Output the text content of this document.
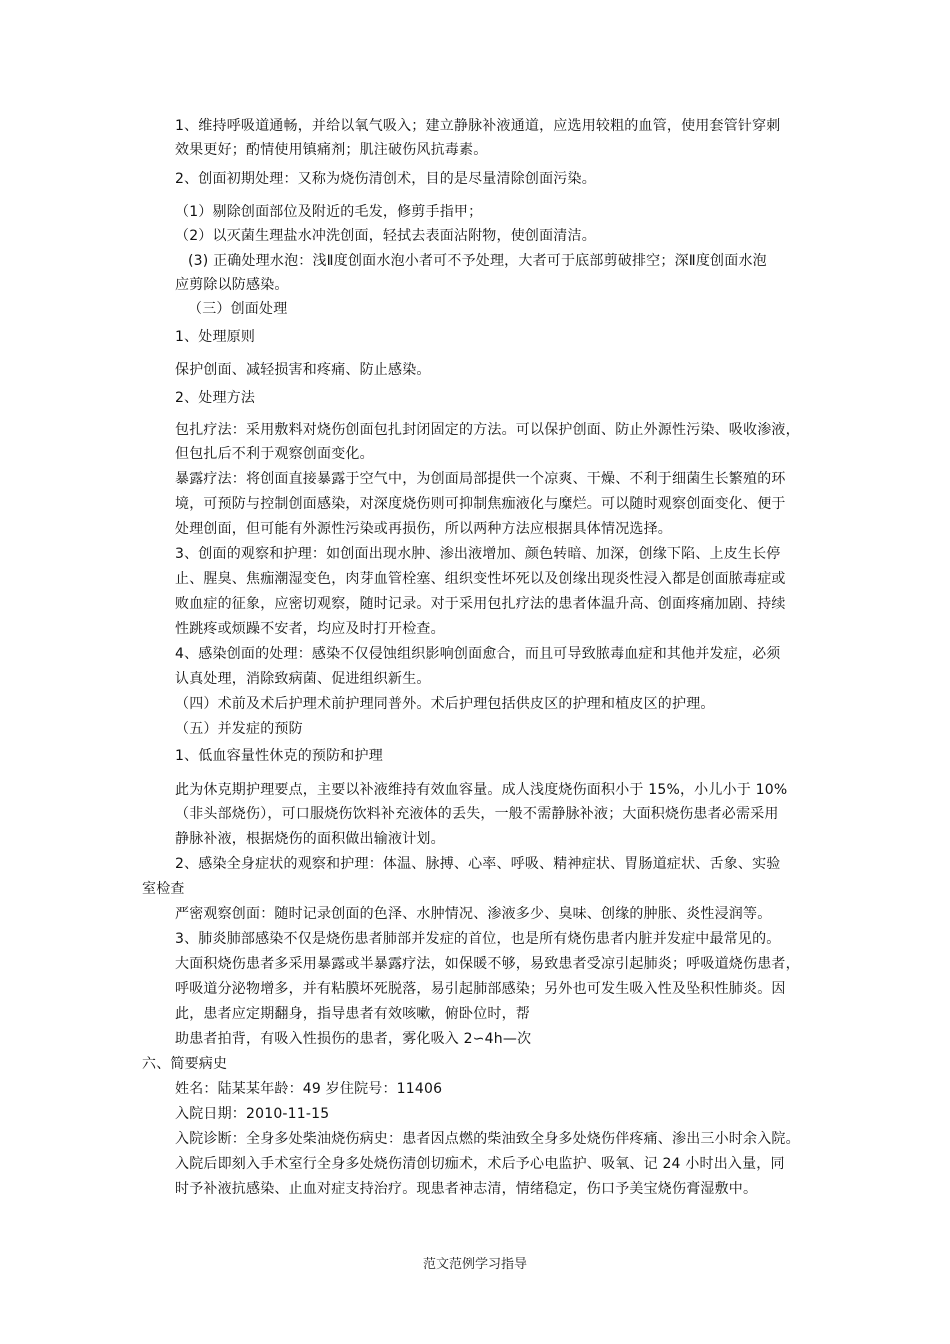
1、维持呼吸道通畅，并给以氧气吸入；建立静脉补液通道，应选用较粗的血管，使用套管针穿刺
效果更好；酌情使用镇痛剂；肌注破伤风抗毒素。
2、创面初期处理：又称为烧伤清创术，目的是尽量清除创面污染。
（1）剔除创面部位及附近的毛发，修剪手指甲；
（2）以灭菌生理盐水冲洗创面，轻拭去表面沾附物，使创面清洁。
(3) 正确处理水泡：浅Ⅱ度创面水泡小者可不予处理，大者可于底部剪破排空；深Ⅱ度创面水泡
应剪除以防感染。
（三）创面处理
1、处理原则
保护创面、减轻损害和疼痛、防止感染。
2、处理方法
包扎疗法：采用敷料对烧伤创面包扎封闭固定的方法。可以保护创面、防止外源性污染、吸收渗液，
但包扎后不利于观察创面变化。
暴露疗法：将创面直接暴露于空气中，为创面局部提供一个凉爽、干燥、不利于细菌生长繁殖的环
境，可预防与控制创面感染，对深度烧伤则可抑制焦痂液化与糜烂。可以随时观察创面变化、便于
处理创面，但可能有外源性污染或再损伤，所以两种方法应根据具体情况选择。
3、创面的观察和护理：如创面出现水肿、渗出液增加、颜色转暗、加深，创缘下陷、上皮生长停
止、腥臭、焦痂潮湿变色，肉芽血管栓塞、组织变性坏死以及创缘出现炎性浸入都是创面脓毒症或
败血症的征象，应密切观察，随时记录。对于采用包扎疗法的患者体温升高、创面疼痛加剧、持续
性跳疼或烦躁不安者，均应及时打开检查。
4、感染创面的处理：感染不仅侵蚀组织影响创面愈合，而且可导致脓毒血症和其他并发症，必须
认真处理，消除致病菌、促进组织新生。
（四）术前及术后护理术前护理同普外。术后护理包括供皮区的护理和植皮区的护理。
（五）并发症的预防
1、低血容量性休克的预防和护理
此为休克期护理要点，主要以补液维持有效血容量。成人浅度烧伤面积小于 15%，小儿小于 10%
（非头部烧伤），可口服烧伤饮料补充液体的丢失，一般不需静脉补液；大面积烧伤患者必需采用
静脉补液，根据烧伤的面积做出输液计划。
2、感染全身症状的观察和护理：体温、脉搏、心率、呼吸、精神症状、胃肠道症状、舌象、实验
室检查
严密观察创面：随时记录创面的色泽、水肿情况、渗液多少、臭味、创缘的肿胀、炎性浸润等。
3、肺炎肺部感染不仅是烧伤患者肺部并发症的首位，也是所有烧伤患者内脏并发症中最常见的。
大面积烧伤患者多采用暴露或半暴露疗法，如保暖不够，易致患者受凉引起肺炎；呼吸道烧伤患者，
呼吸道分泌物增多，并有粘膜坏死脱落，易引起肺部感染；另外也可发生吸入性及坠积性肺炎。因
此，患者应定期翻身，指导患者有效咳嗽，俯卧位时，帮
助患者拍背，有吸入性损伤的患者，雾化吸入 2∽4h—次
六、简要病史
姓名：陆某某年龄：49 岁住院号：11406
入院日期：2010-11-15
入院诊断：全身多处柴油烧伤病史：患者因点燃的柴油致全身多处烧伤伴疼痛、渗出三小时余入院。
入院后即刻入手术室行全身多处烧伤清创切痂术，术后予心电监护、吸氧、记 24 小时出入量，同
时予补液抗感染、止血对症支持治疗。现患者神志清，情绪稳定，伤口予美宝烧伤膏湿敷中。
范文范例学习指导
